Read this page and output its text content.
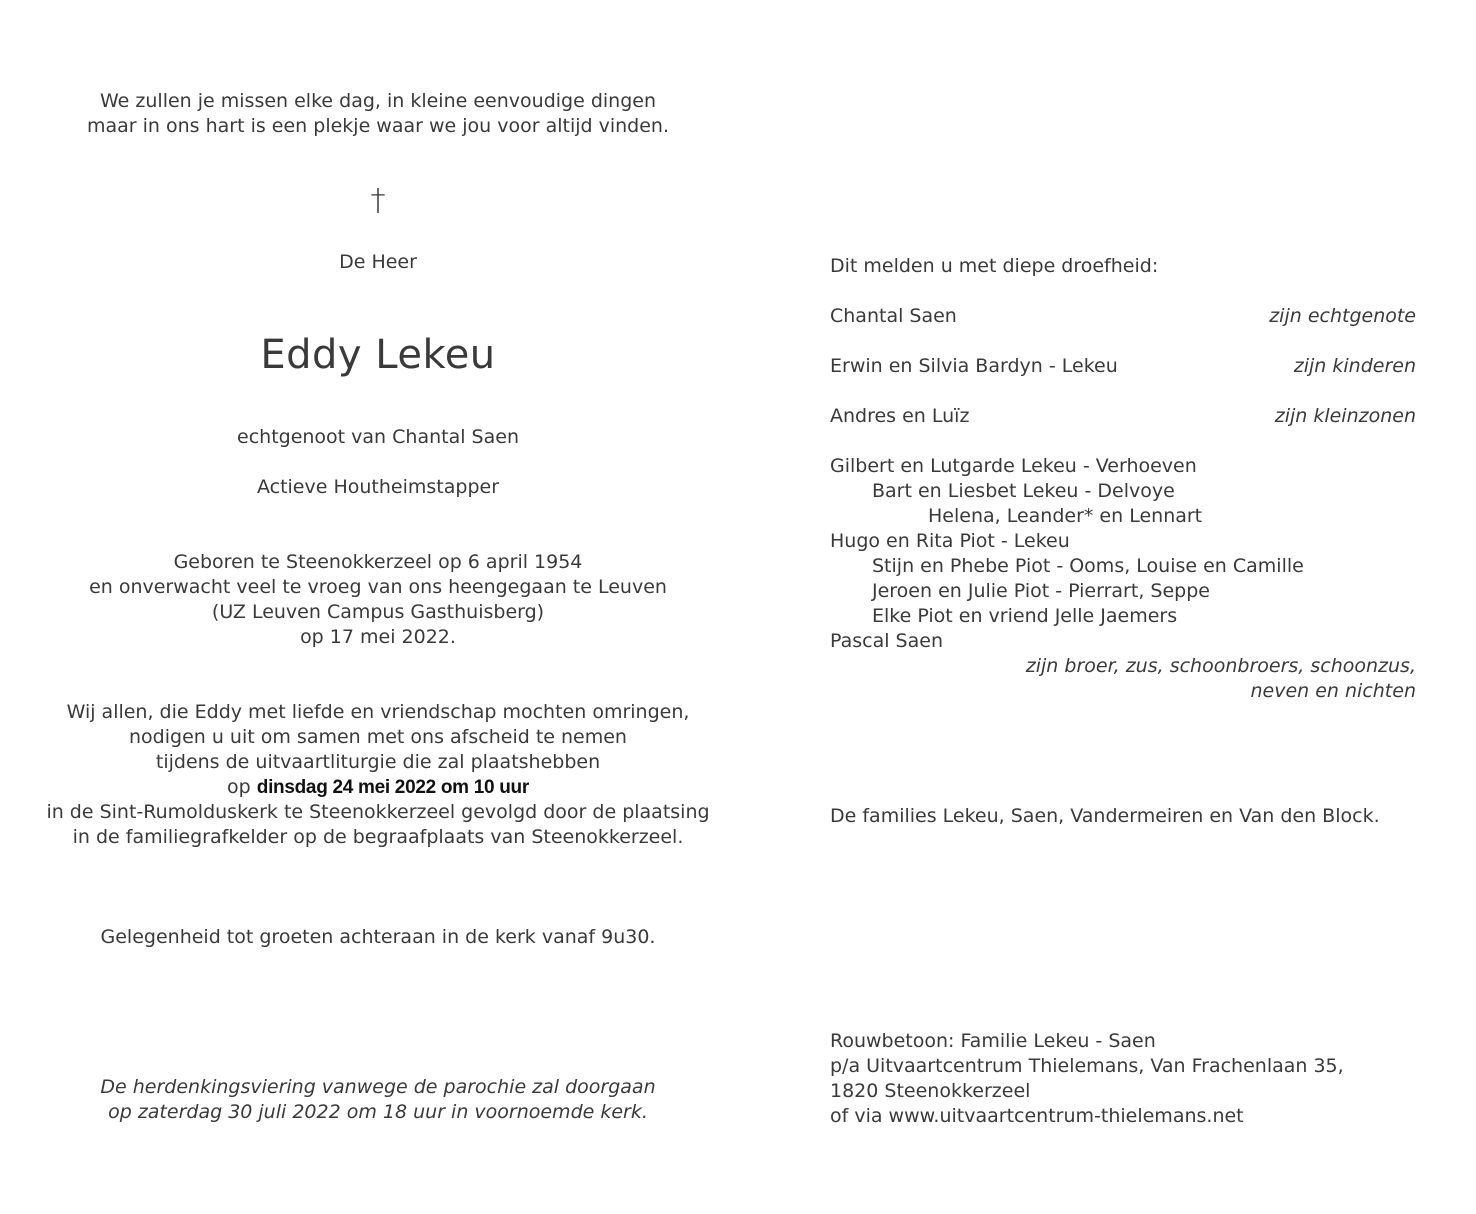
We zullen je missen elke dag, in kleine eenvoudige dingen
maar in ons hart is een plekje waar we jou voor altijd vinden.
†
De Heer
Eddy Lekeu
echtgenoot van Chantal Saen
Actieve Houtheimstapper
Geboren te Steenokkerzeel op 6 april 1954
en onverwacht veel te vroeg van ons heengegaan te Leuven
(UZ Leuven Campus Gasthuisberg)
op 17 mei 2022.
Wij allen, die Eddy met liefde en vriendschap mochten omringen,
nodigen u uit om samen met ons afscheid te nemen
tijdens de uitvaartliturgie die zal plaatshebben
op dinsdag 24 mei 2022 om 10 uur
in de Sint-Rumolduskerk te Steenokkerzeel gevolgd door de plaatsing
in de familiegrafkelder op de begraafplaats van Steenokkerzeel.
Gelegenheid tot groeten achteraan in de kerk vanaf 9u30.
De herdenkingsviering vanwege de parochie zal doorgaan
op zaterdag 30 juli 2022 om 18 uur in voornoemde kerk.
Dit melden u met diepe droefheid:
Chantal Saen	zijn echtgenote
Erwin en Silvia Bardyn - Lekeu	zijn kinderen
Andres en Luïz	zijn kleinzonen
Gilbert en Lutgarde Lekeu - Verhoeven
Bart en Liesbet Lekeu - Delvoye
Helena, Leander* en Lennart
Hugo en Rita Piot - Lekeu
Stijn en Phebe Piot - Ooms, Louise en Camille
Jeroen en Julie Piot - Pierrart, Seppe
Elke Piot en vriend Jelle Jaemers
Pascal Saen
zijn broer, zus, schoonbroers, schoonzus,
neven en nichten
De families Lekeu, Saen, Vandermeiren en Van den Block.
Rouwbetoon: Familie Lekeu - Saen
p/a Uitvaartcentrum Thielemans, Van Frachenlaan 35,
1820 Steenokkerzeel
of via www.uitvaartcentrum-thielemans.net
